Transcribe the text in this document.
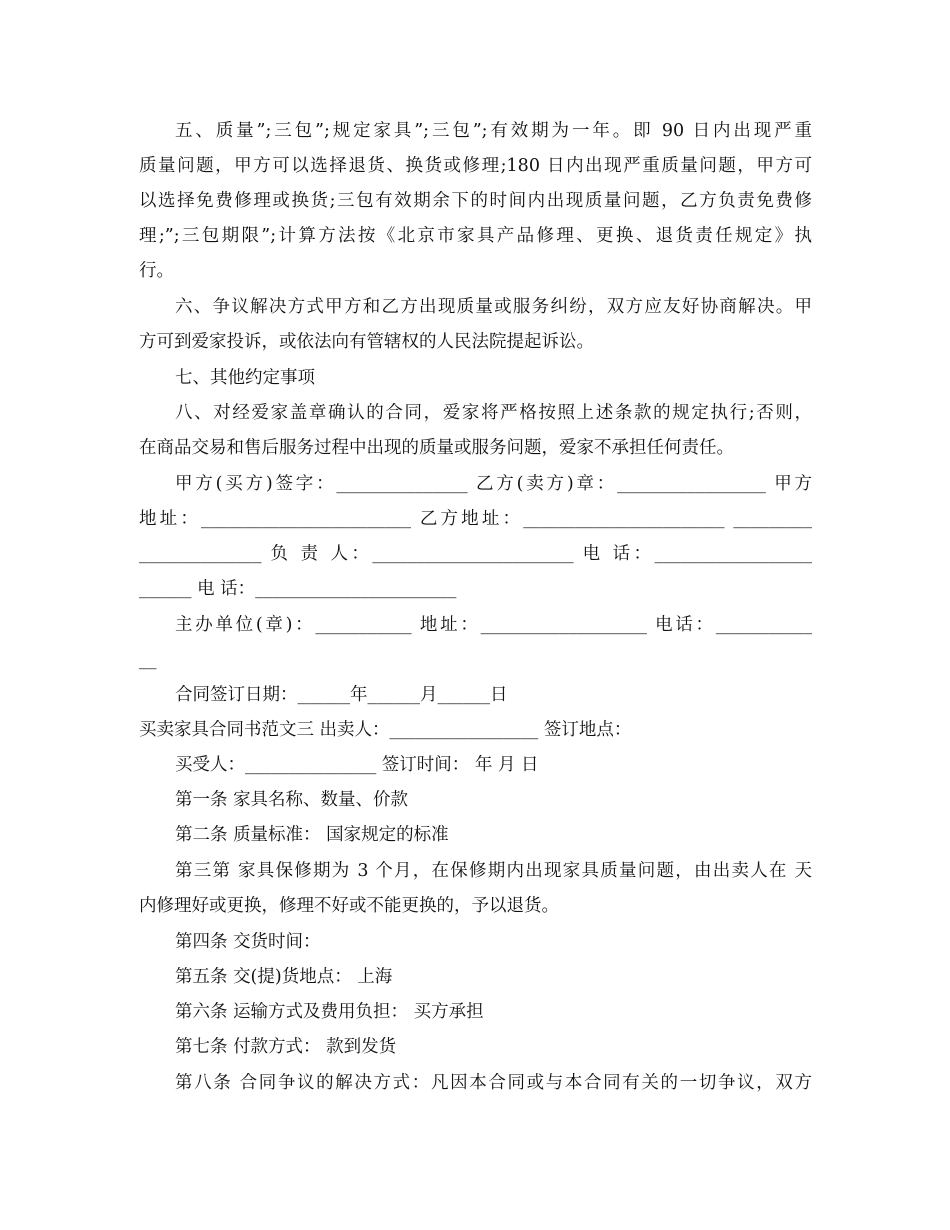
五、质量”;三包”;规定家具”;三包”;有效期为一年。即 90 日内出现严重
质量问题，甲方可以选择退货、换货或修理;180 日内出现严重质量问题，甲方可
以选择免费修理或换货;三包有效期余下的时间内出现质量问题，乙方负责免费修
理;”;三包期限”;计算方法按《北京市家具产品修理、更换、退货责任规定》执
行。
六、争议解决方式甲方和乙方出现质量或服务纠纷，双方应友好协商解决。甲
方可到爱家投诉，或依法向有管辖权的人民法院提起诉讼。
七、其他约定事项
八、对经爱家盖章确认的合同，爱家将严格按照上述条款的规定执行;否则，
在商品交易和售后服务过程中出现的质量或服务问题，爱家不承担任何责任。
甲方(买方)签字：_______________ 乙方(卖方)章：_________________ 甲方
地址：________________________ 乙方地址：_______________________ _________
______________ 负 责 人：_______________________ 电 话：__________________
______ 电 话：_______________________
主办单位(章)：___________ 地址：___________________ 电话：___________
__
合同签订日期：______年______月______日
买卖家具合同书范文三 出卖人：_________________ 签订地点：
买受人：_______________ 签订时间： 年 月 日
第一条 家具名称、数量、价款
第二条 质量标准： 国家规定的标准
第三第 家具保修期为 3 个月，在保修期内出现家具质量问题，由出卖人在 天
内修理好或更换，修理不好或不能更换的，予以退货。
第四条 交货时间：
第五条 交(提)货地点： 上海
第六条 运输方式及费用负担： 买方承担
第七条 付款方式： 款到发货
第八条 合同争议的解决方式：凡因本合同或与本合同有关的一切争议，双方
